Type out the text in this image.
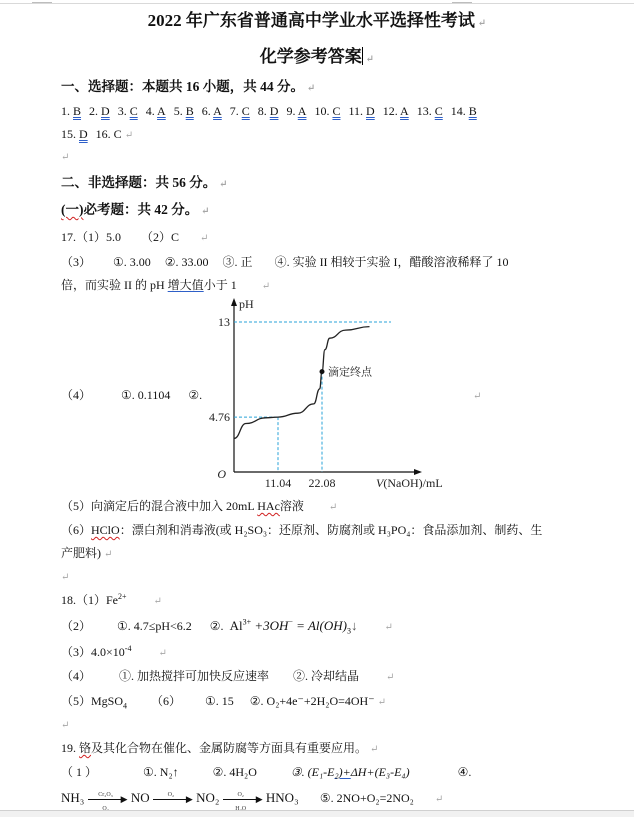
2022 年广东省普通高中学业水平选择性考试 ↵
化学参考答案 ↵
一、选择题：本题共 16 小题，共 44 分。 ↵
1. B 2. D 3. C 4. A 5. B 6. A 7. C 8. D 9. A 10. C 11. D 12. A 13. C 14. B
15. D 16. C ↵
↵
二、非选择题：共 56 分。 ↵
(一)必考题：共 42 分。 ↵
17.（1）5.0 （2）C ↵
（3） ①. 3.00 ②. 33.00 ③. 正 ④. 实验 II 相较于实验 I，醋酸溶液稀释了 10
倍，而实验 II 的 pH 增大值小于 1	↵
（4）	①. 0.1104 ②.	↵
滴定终点
pH
13
4.76
O
11.04 22.08	V(NaOH)/mL
（5）向滴定后的混合液中加入 20mL HAc溶液	↵
（6）HClO：漂白剂和消毒液(或 H₂SO₃：还原剂、防腐剂或 H₃PO₄：食品添加剂、制药、生
产肥料) ↵
↵
$18.(1)Fe^{2+}$	↵
（2） ①. 4.7≤pH<6.2 ②. $Al^{3+} +3OH^-$ = $Al(OH)_3↓$	↵
$(3)4.0\times 10^{-4}$	↵
（4） ①. 加热搅拌可加快反应速率 ②. 冷却结晶	↵
（5）MgSO$_4$ （6） ①. 15 ②. O₂+4e⁻+2H₂O=4OH⁻ ↵
↵
19. 铬及其化合物在催化、金属防腐等方面具有重要应用。 ↵
（ 1 ）	①. N₂↑	②. 4H₂O	③. (E₁-E₂)+ΔH+(E₃-E₄)	④.
NH₃	Cr₂O₃ ▶ NO	O₂	▶ NO₂	O₂	▶ HNO₃ ⑤. 2NO+O₂=2NO₂ ↵
